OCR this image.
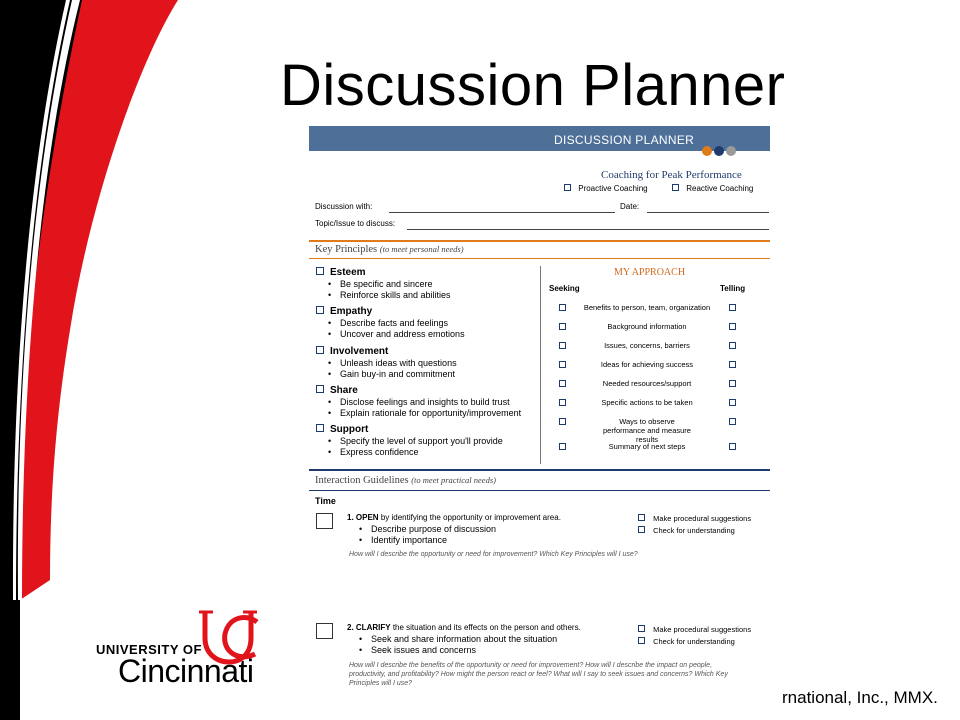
Discussion Planner
DISCUSSION PLANNER
Coaching for Peak Performance
Proactive Coaching	Reactive Coaching
Discussion with:	Date:
Topic/Issue to discuss:
Key Principles (to meet personal needs)
Esteem
• Be specific and sincere
• Reinforce skills and abilities
Empathy
• Describe facts and feelings
• Uncover and address emotions
Involvement
• Unleash ideas with questions
• Gain buy-in and commitment
Share
• Disclose feelings and insights to build trust
• Explain rationale for opportunity/improvement
Support
• Specify the level of support you'll provide
• Express confidence
MY APPROACH
Seeking	Telling
Benefits to person, team, organization
Background information
Issues, concerns, barriers
Ideas for achieving success
Needed resources/support
Specific actions to be taken
Ways to observe performance and measure results
Summary of next steps
Interaction Guidelines (to meet practical needs)
Time
1. OPEN by identifying the opportunity or improvement area.
• Describe purpose of discussion
• Identify importance
Make procedural suggestions
Check for understanding
How will I describe the opportunity or need for improvement? Which Key Principles will I use?
2. CLARIFY the situation and its effects on the person and others.
• Seek and share information about the situation
• Seek issues and concerns
Make procedural suggestions
Check for understanding
How will I describe the benefits of the opportunity or need for improvement? How will I describe the impact on people, productivity, and profitability? How might the person react or feel? What will I say to seek issues and concerns? Which Key Principles will I use?
UNIVERSITY OF
Cincinnati
rnational, Inc., MMX.
